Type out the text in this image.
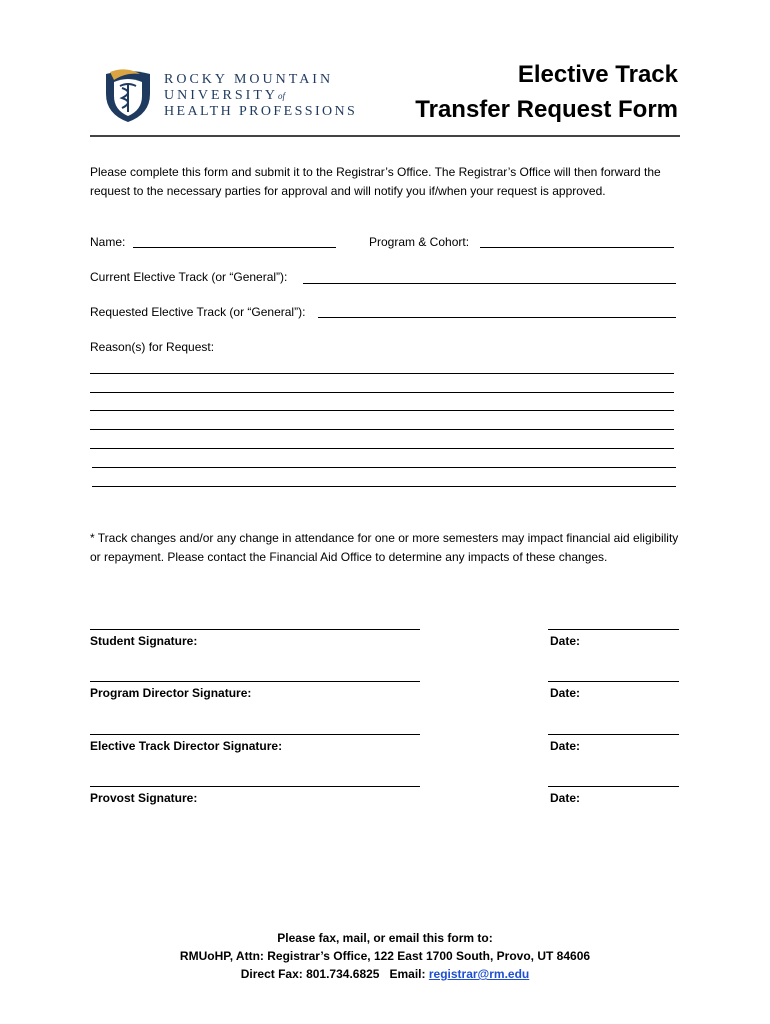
ROCKY MOUNTAIN
UNIVERSITYof
HEALTH PROFESSIONS
Elective Track
Transfer Request Form
Please complete this form and submit it to the Registrar’s Office. The Registrar’s Office will then forward the request to the necessary parties for approval and will notify you if/when your request is approved.
Name:	Program & Cohort:
Current Elective Track (or “General”):
Requested Elective Track (or “General”):
Reason(s) for Request:
* Track changes and/or any change in attendance for one or more semesters may impact financial aid eligibility or repayment. Please contact the Financial Aid Office to determine any impacts of these changes.
Student Signature:	Date:
Program Director Signature:	Date:
Elective Track Director Signature:	Date:
Provost Signature:	Date:
Please fax, mail, or email this form to:
RMUoHP, Attn: Registrar’s Office, 122 East 1700 South, Provo, UT 84606
Direct Fax: 801.734.6825 Email: registrar@rm.edu
